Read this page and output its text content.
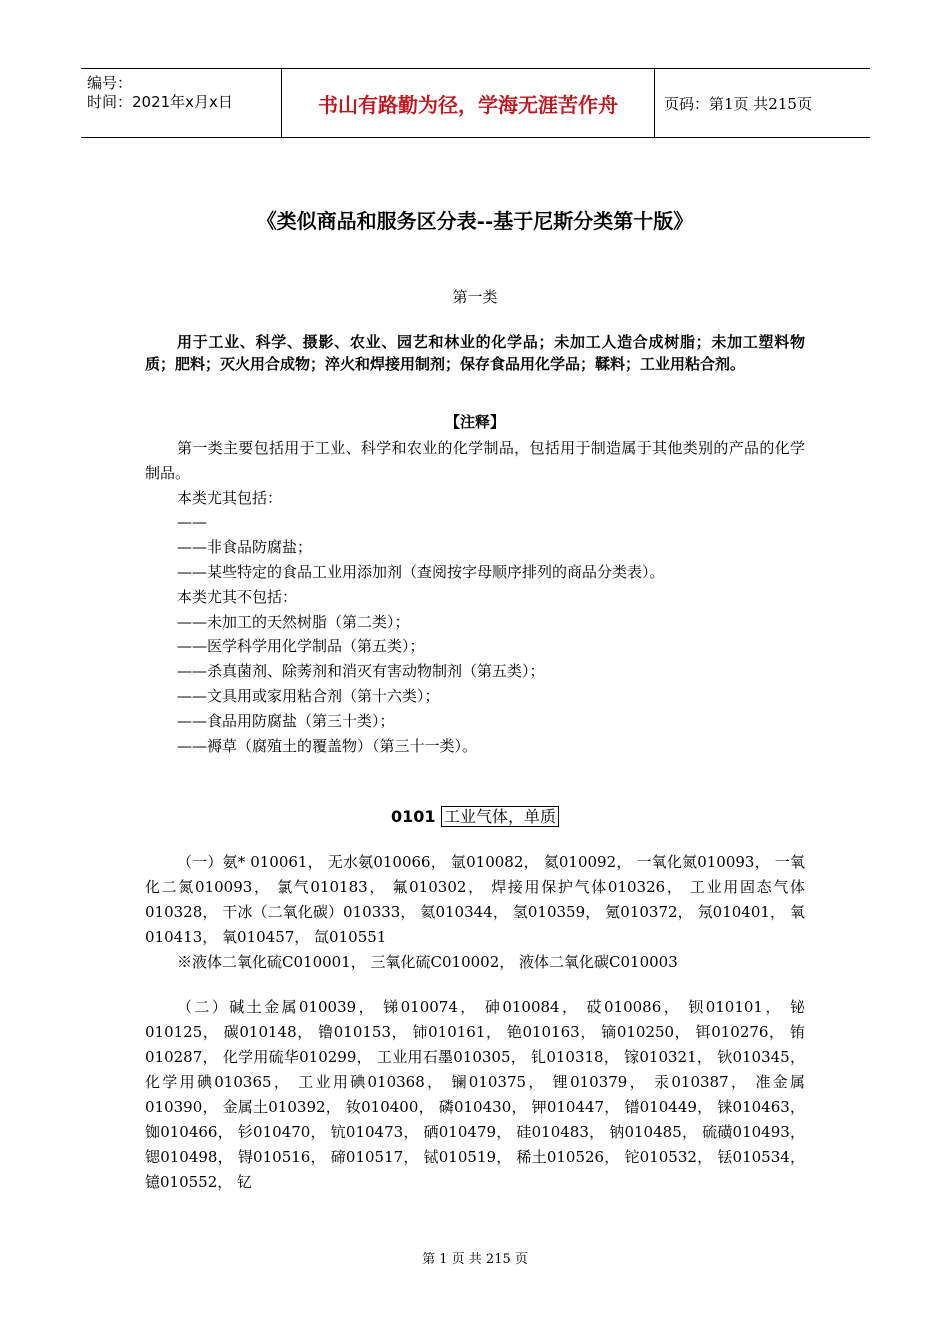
编号：
时间：2021年x月x日	书山有路勤为径，学海无涯苦作舟	页码：第1页 共215页
《类似商品和服务区分表--基于尼斯分类第十版》
第一类
用于工业、科学、摄影、农业、园艺和林业的化学品；未加工人造合成树脂；未加工塑料物质；肥料；灭火用合成物；淬火和焊接用制剂；保存食品用化学品；鞣料；工业用粘合剂。
【注释】
第一类主要包括用于工业、科学和农业的化学制品，包括用于制造属于其他类别的产品的化学制品。
本类尤其包括：
——
——非食品防腐盐；
——某些特定的食品工业用添加剂（查阅按字母顺序排列的商品分类表）。
本类尤其不包括：
——未加工的天然树脂（第二类）；
——医学科学用化学制品（第五类）；
——杀真菌剂、除莠剂和消灭有害动物制剂（第五类）；
——文具用或家用粘合剂（第十六类）；
——食品用防腐盐（第三十类）；
——褥草（腐殖土的覆盖物）（第三十一类）。
0101 工业气体，单质
（一）氨* 010061， 无水氨010066， 氩010082， 氦010092， 一氧化氮010093， 一氧化二氮010093， 氯气010183， 氟010302， 焊接用保护气体010326， 工业用固态气体010328， 干冰（二氧化碳）010333， 氦010344， 氢010359， 氪010372， 氖010401， 氧010413， 氧010457， 氙010551
※液体二氧化硫C010001， 三氧化硫C010002， 液体二氧化碳C010003
（二）碱土金属010039， 锑010074， 砷010084， 砹010086， 钡010101， 铋010125， 碳010148， 镥010153， 铈010161， 铯010163， 镝010250， 铒010276， 铕010287， 化学用硫华010299， 工业用石墨010305， 钆010318， 镓010321， 钬010345， 化学用碘010365， 工业用碘010368， 镧010375， 锂010379， 汞010387， 准金属010390， 金属土010392， 钕010400， 磷010430， 钾010447， 镨010449， 铼010463， 铷010466， 钐010470， 钪010473， 硒010479， 硅010483， 钠010485， 硫磺010493， 锶010498， 锝010516， 碲010517， 铽010519， 稀土010526， 铊010532， 铥010534， 镱010552， 钇
第 1 页 共 215 页
